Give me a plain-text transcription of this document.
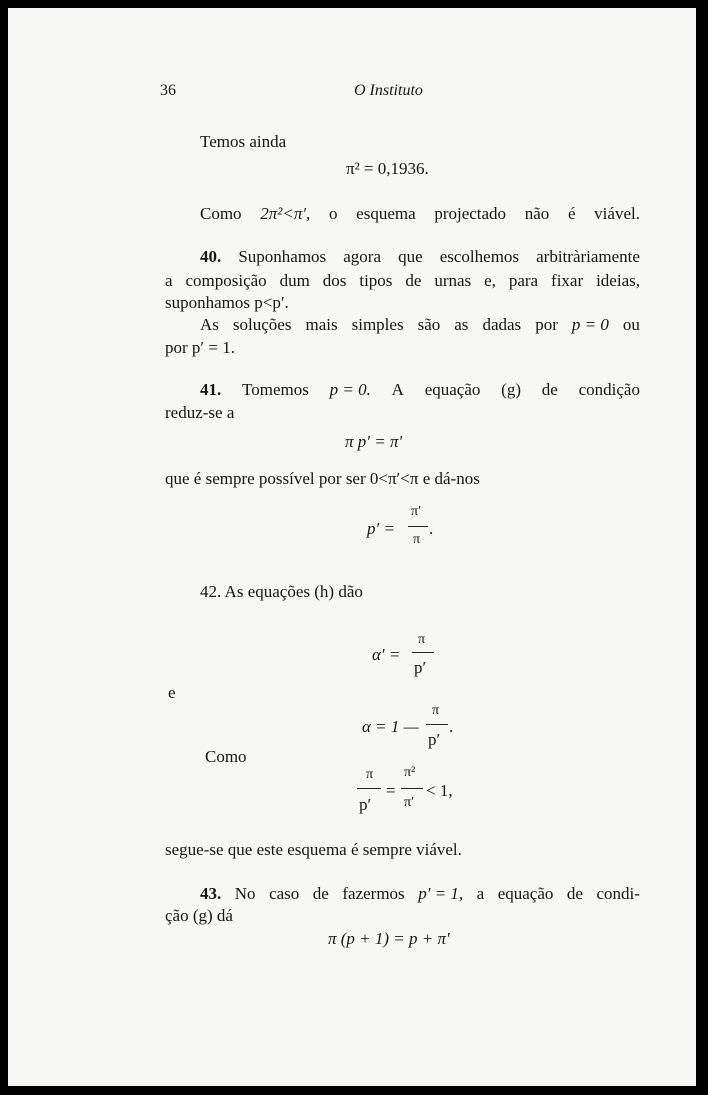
36	O Instituto
Temos ainda
π² = 0,1936.
Como 2π²<π′, o esquema projectado não é viável.
40. Suponhamos agora que escolhemos arbitràriamente
a composição dum dos tipos de urnas e, para fixar ideias,
suponhamos p<p′.
As soluções mais simples são as dadas por p = 0 ou
por p′ = 1.
41. Tomemos p = 0. A equação (g) de condição
reduz-se a
π p′ = π′
que é sempre possível por ser 0<π′<π e dá-nos
p′ =
π′
π
.
42. As equações (h) dão
α′ =
π
p′
e
α = 1 —
π
p′
.
Como
π
p′
=
π²
π′
< 1,
segue-se que este esquema é sempre viável.
43. No caso de fazermos p′ = 1, a equação de condi-
ção (g) dá
π (p + 1) = p + π′
